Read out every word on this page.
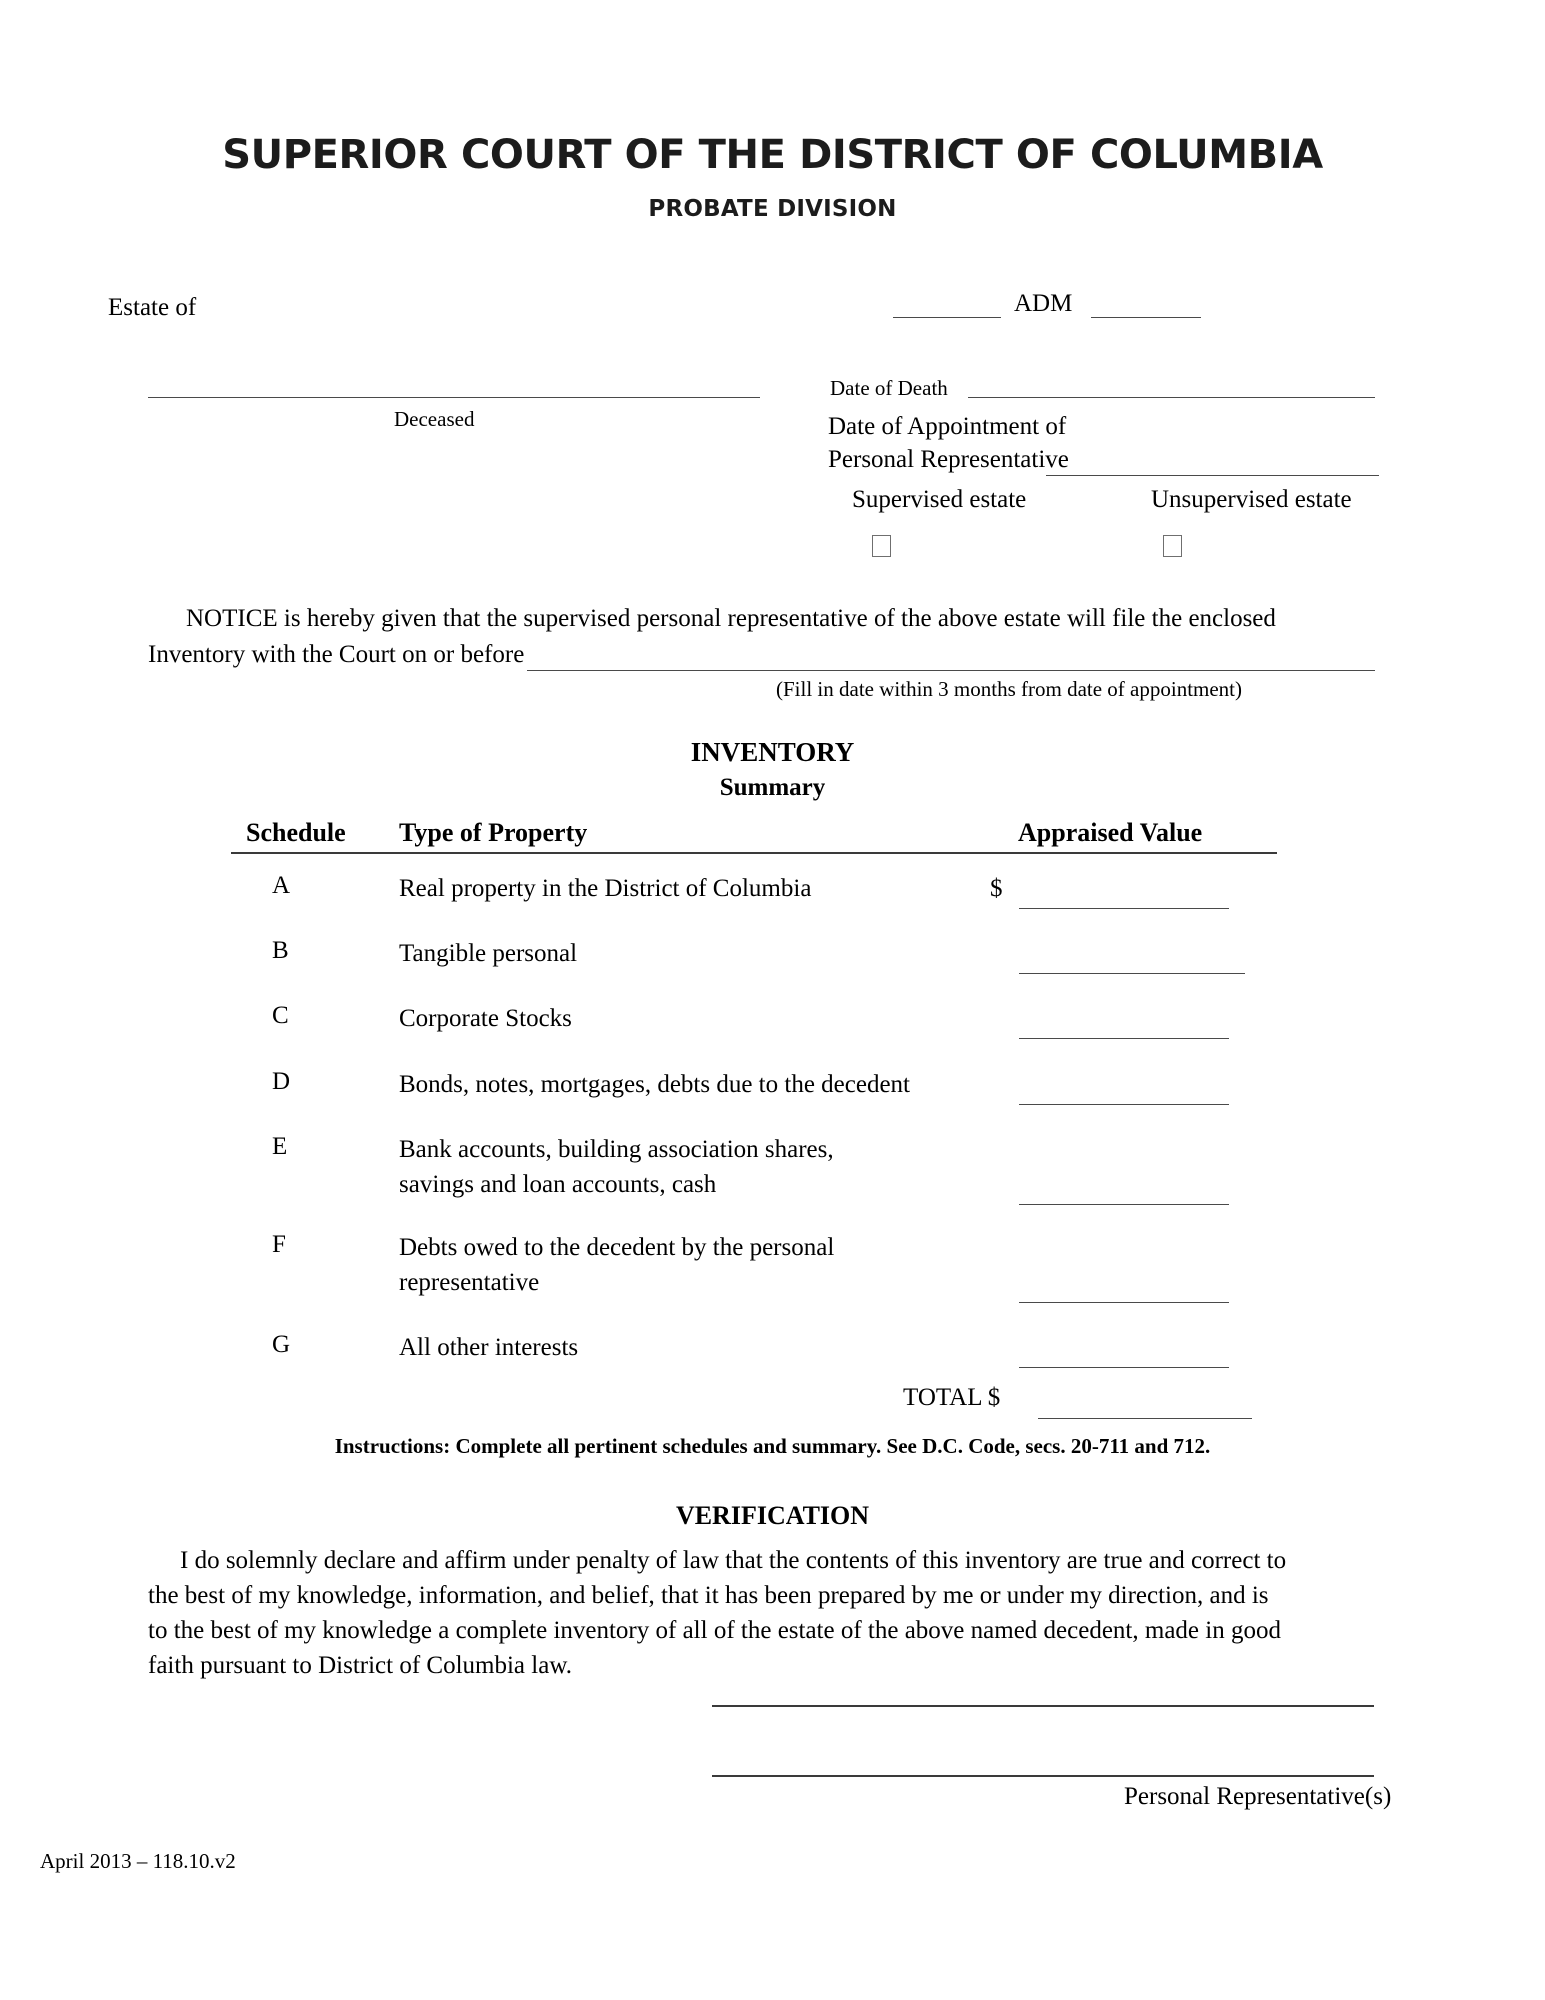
SUPERIOR COURT OF THE DISTRICT OF COLUMBIA
PROBATE DIVISION
Estate of
Deceased
ADM
Date of Death
Date of Appointment of
Personal Representative
Supervised estate	Unsupervised estate
NOTICE is hereby given that the supervised personal representative of the above estate will file the enclosed
Inventory with the Court on or before
(Fill in date within 3 months from date of appointment)
INVENTORY
Summary
Schedule Type of Property	Appraised Value
A	Real property in the District of Columbia	$
B	Tangible personal
C	Corporate Stocks
D	Bonds, notes, mortgages, debts due to the decedent
E	Bank accounts, building association shares,
savings and loan accounts, cash
F	Debts owed to the decedent by the personal
representative
G	All other interests
TOTAL $
Instructions: Complete all pertinent schedules and summary. See D.C. Code, secs. 20-711 and 712.
VERIFICATION
I do solemnly declare and affirm under penalty of law that the contents of this inventory are true and correct to
the best of my knowledge, information, and belief, that it has been prepared by me or under my direction, and is
to the best of my knowledge a complete inventory of all of the estate of the above named decedent, made in good
faith pursuant to District of Columbia law.
Personal Representative(s)
April 2013 – 118.10.v2
